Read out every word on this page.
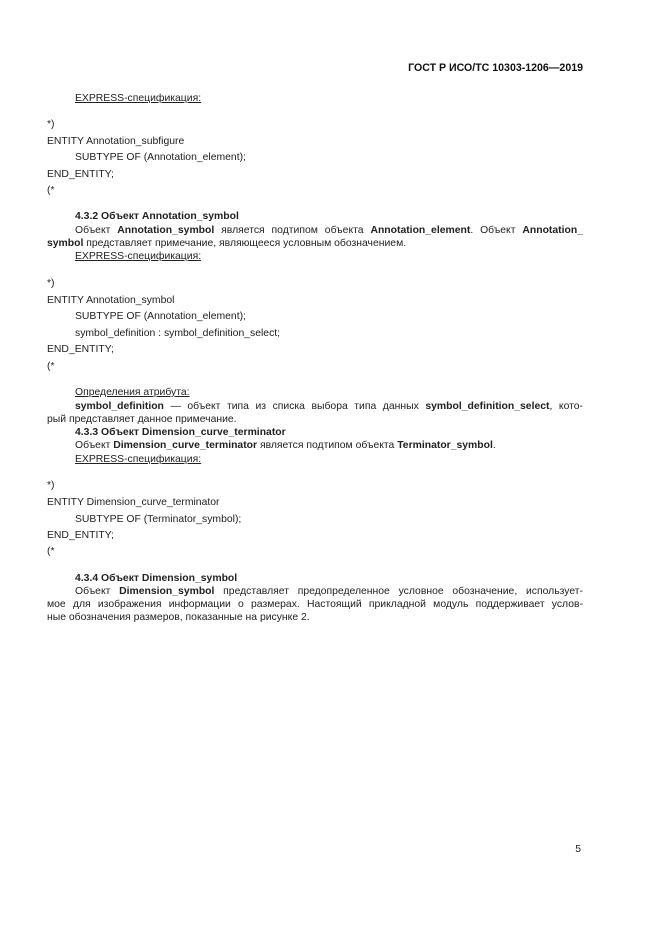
ГОСТ Р ИСО/ТС 10303-1206—2019
EXPRESS-спецификация:
*)
ENTITY Annotation_subfigure
SUBTYPE OF (Annotation_element);
END_ENTITY;
(*
4.3.2 Объект Annotation_symbol
Объект Annotation_symbol является подтипом объекта Annotation_element. Объект Annotation_
symbol представляет примечание, являющееся условным обозначением.
EXPRESS-спецификация:
*)
ENTITY Annotation_symbol
SUBTYPE OF (Annotation_element);
symbol_definition : symbol_definition_select;
END_ENTITY;
(*
Определения атрибута:
symbol_definition — объект типа из списка выбора типа данных symbol_definition_select, кото-
рый представляет данное примечание.
4.3.3 Объект Dimension_curve_terminator
Объект Dimension_curve_terminator является подтипом объекта Terminator_symbol.
EXPRESS-спецификация:
*)
ENTITY Dimension_curve_terminator
SUBTYPE OF (Terminator_symbol);
END_ENTITY;
(*
4.3.4 Объект Dimension_symbol
Объект Dimension_symbol представляет предопределенное условное обозначение, использует-
мое для изображения информации о размерах. Настоящий прикладной модуль поддерживает услов-
ные обозначения размеров, показанные на рисунке 2.
5
